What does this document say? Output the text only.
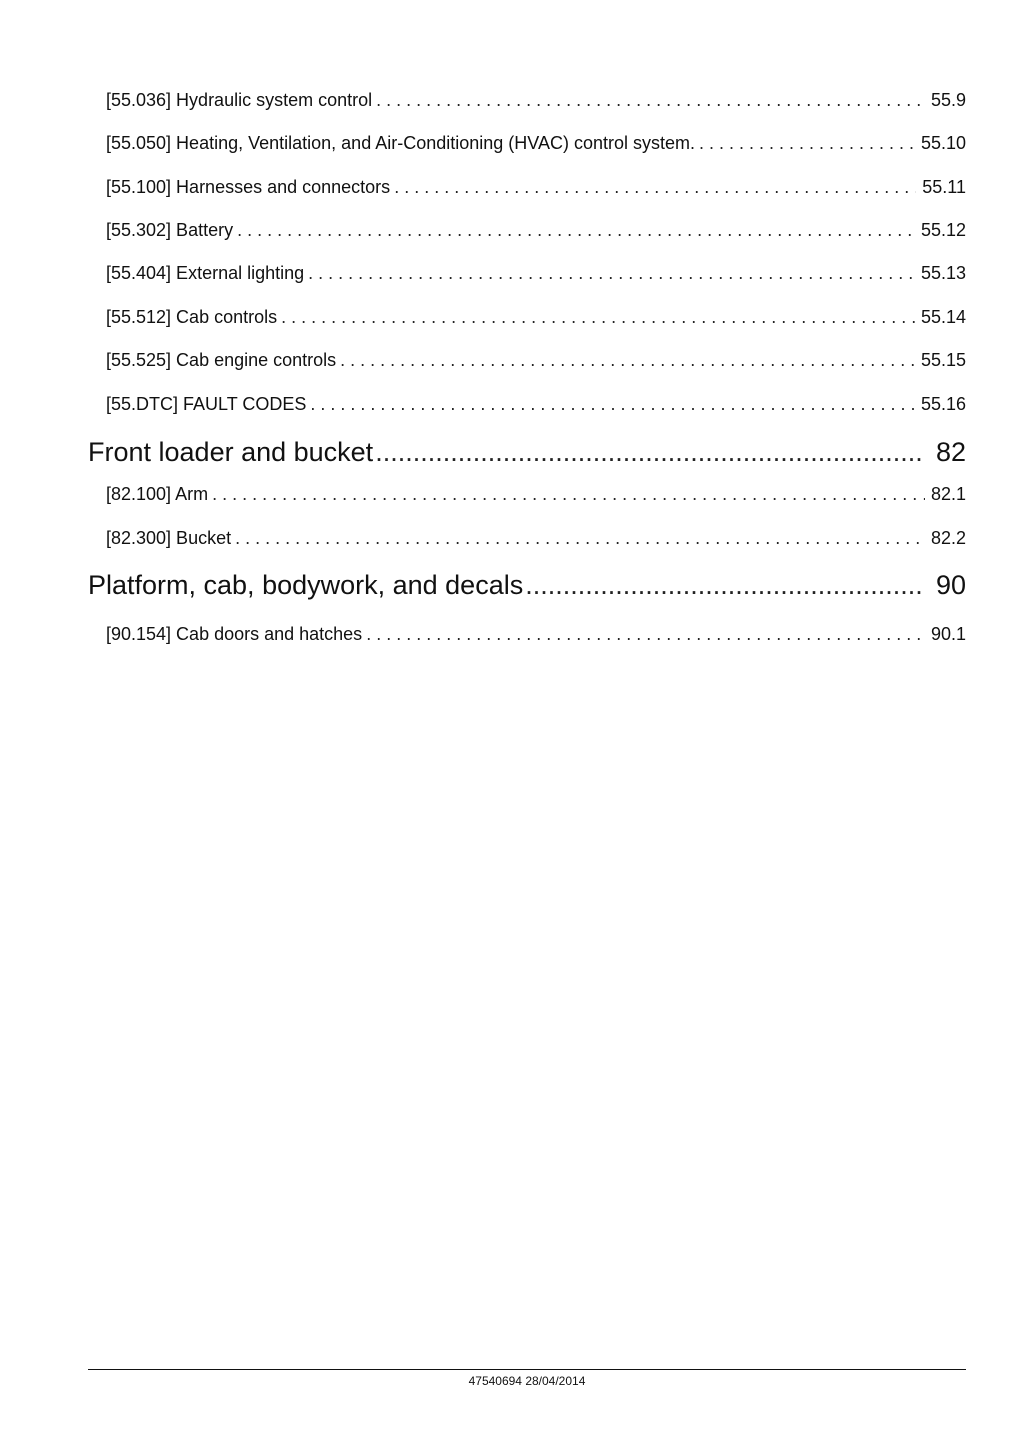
[55.036] Hydraulic system control . . .	55.9
[55.050] Heating, Ventilation, and Air-Conditioning (HVAC) control system. . . .	55.10
[55.100] Harnesses and connectors . . .	55.11
[55.302] Battery . . .	55.12
[55.404] External lighting . . .	55.13
[55.512] Cab controls . . .	55.14
[55.525] Cab engine controls . . .	55.15
[55.DTC] FAULT CODES . . .	55.16
Front loader and bucket .....	82
[82.100] Arm . . .	82.1
[82.300] Bucket . . .	82.2
Platform, cab, bodywork, and decals .....	90
[90.154] Cab doors and hatches . . .	90.1
47540694 28/04/2014
